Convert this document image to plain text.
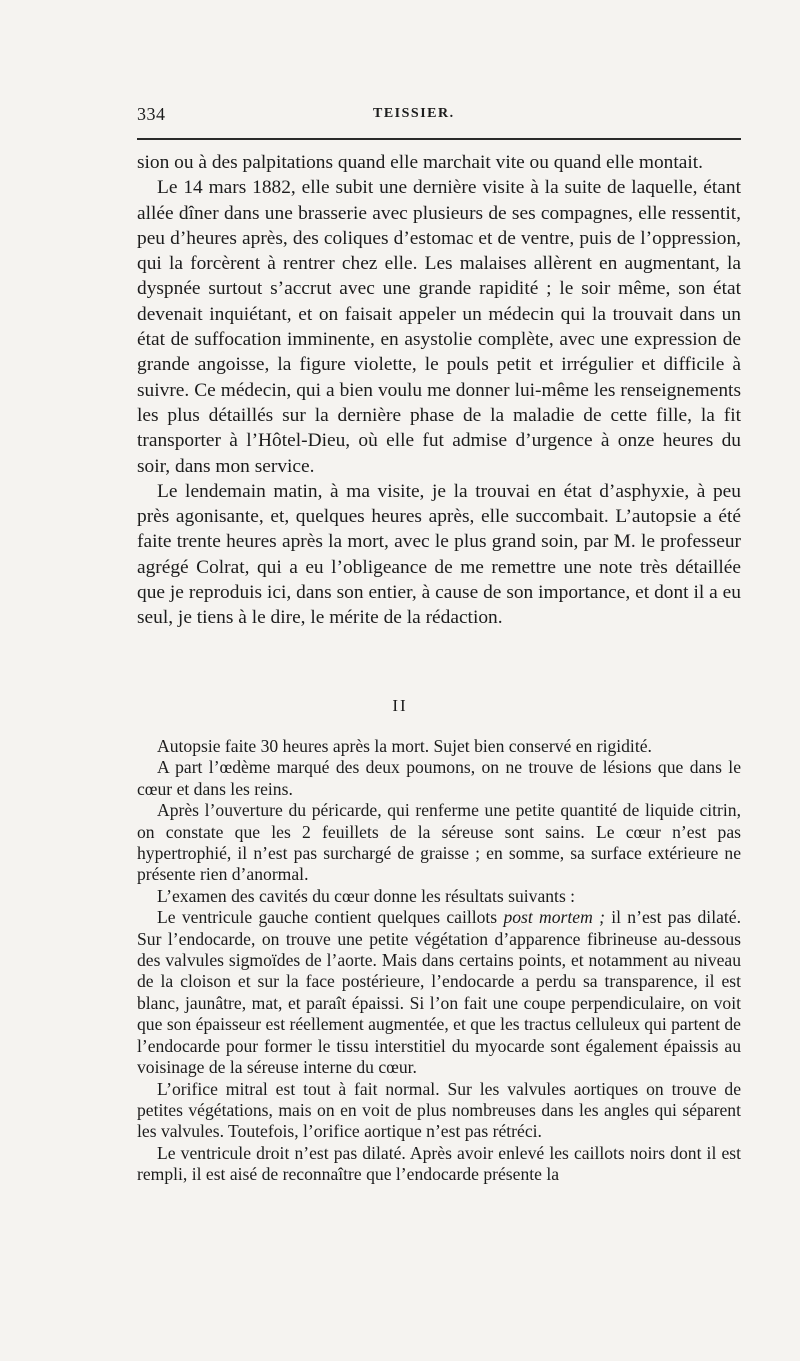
334	TEISSIER.

sion ou à des palpitations quand elle marchait vite ou quand elle montait.

Le 14 mars 1882, elle subit une dernière visite à la suite de laquelle, étant allée dîner dans une brasserie avec plusieurs de ses compagnes, elle ressentit, peu d’heures après, des coliques d’estomac et de ventre, puis de l’oppression, qui la forcèrent à rentrer chez elle. Les malaises allèrent en augmentant, la dyspnée surtout s’accrut avec une grande rapidité ; le soir même, son état devenait inquiétant, et on faisait appeler un médecin qui la trouvait dans un état de suffocation imminente, en asystolie complète, avec une expression de grande angoisse, la figure violette, le pouls petit et irrégulier et difficile à suivre. Ce médecin, qui a bien voulu me donner lui-même les renseignements les plus détaillés sur la dernière phase de la maladie de cette fille, la fit transporter à l’Hôtel-Dieu, où elle fut admise d’urgence à onze heures du soir, dans mon service.

Le lendemain matin, à ma visite, je la trouvai en état d’asphyxie, à peu près agonisante, et, quelques heures après, elle succombait. L’autopsie a été faite trente heures après la mort, avec le plus grand soin, par M. le professeur agrégé Colrat, qui a eu l’obligeance de me remettre une note très détaillée que je reproduis ici, dans son entier, à cause de son importance, et dont il a eu seul, je tiens à le dire, le mérite de la rédaction.

II

Autopsie faite 30 heures après la mort. Sujet bien conservé en rigidité.

A part l’œdème marqué des deux poumons, on ne trouve de lésions que dans le cœur et dans les reins.

Après l’ouverture du péricarde, qui renferme une petite quantité de liquide citrin, on constate que les 2 feuillets de la séreuse sont sains. Le cœur n’est pas hypertrophié, il n’est pas surchargé de graisse ; en somme, sa surface extérieure ne présente rien d’anormal.

L’examen des cavités du cœur donne les résultats suivants :

Le ventricule gauche contient quelques caillots post mortem ; il n’est pas dilaté. Sur l’endocarde, on trouve une petite végétation d’apparence fibrineuse au-dessous des valvules sigmoïdes de l’aorte. Mais dans certains points, et notamment au niveau de la cloison et sur la face postérieure, l’endocarde a perdu sa transparence, il est blanc, jaunâtre, mat, et paraît épaissi. Si l’on fait une coupe perpendiculaire, on voit que son épaisseur est réellement augmentée, et que les tractus celluleux qui partent de l’endocarde pour former le tissu interstitiel du myocarde sont également épaissis au voisinage de la séreuse interne du cœur.

L’orifice mitral est tout à fait normal. Sur les valvules aortiques on trouve de petites végétations, mais on en voit de plus nombreuses dans les angles qui séparent les valvules. Toutefois, l’orifice aortique n’est pas rétréci.

Le ventricule droit n’est pas dilaté. Après avoir enlevé les caillots noirs dont il est rempli, il est aisé de reconnaître que l’endocarde présente la
